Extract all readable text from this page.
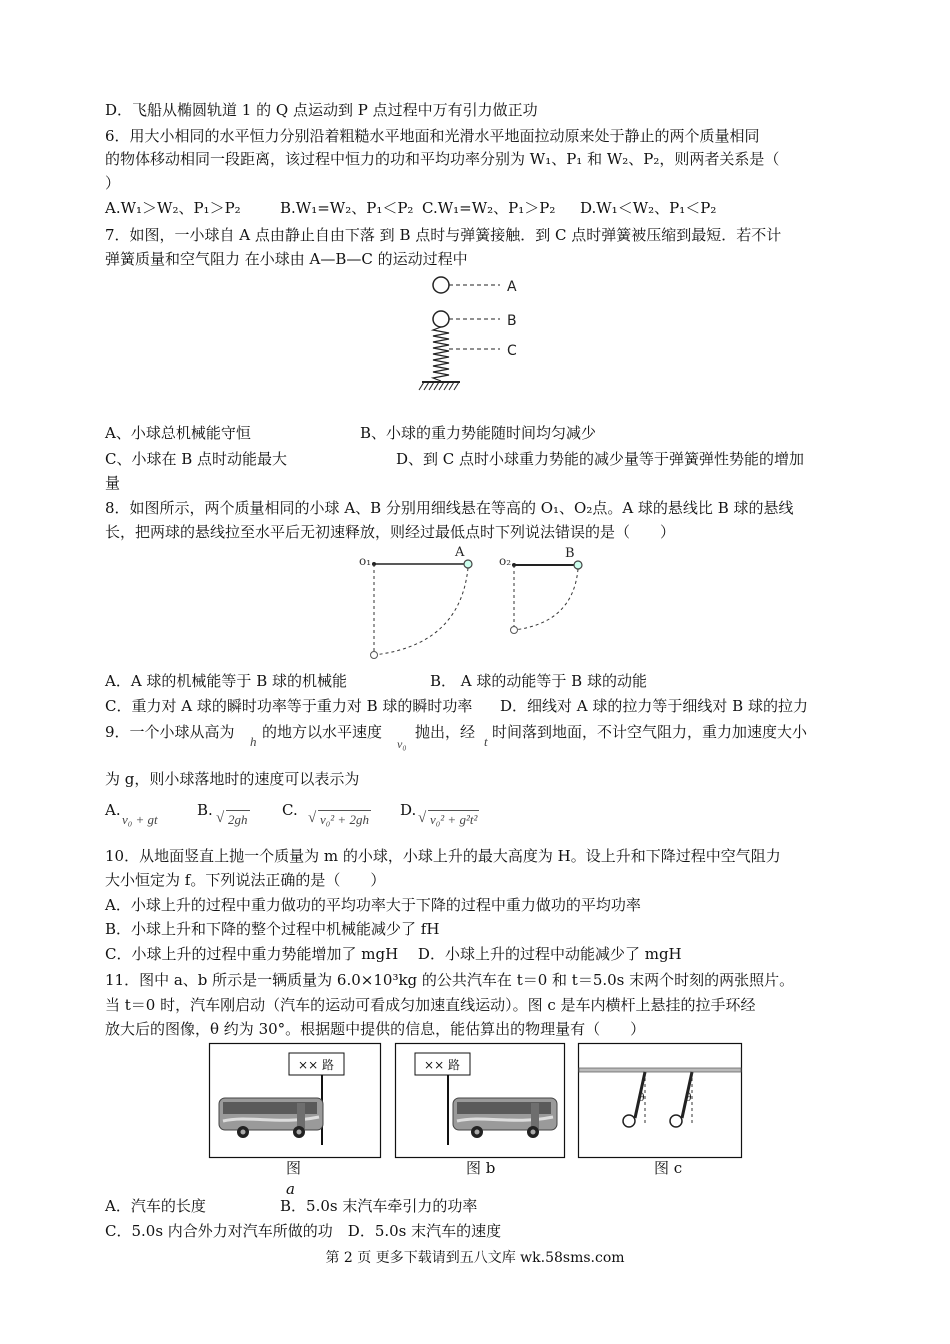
D．飞船从椭圆轨道 1 的 Q 点运动到 P 点过程中万有引力做正功
6．用大小相同的水平恒力分别沿着粗糙水平地面和光滑水平地面拉动原来处于静止的两个质量相同
的物体移动相同一段距离，该过程中恒力的功和平均功率分别为 W₁、P₁ 和 W₂、P₂，则两者关系是（
）
A.W₁＞W₂、P₁＞P₂	B.W₁=W₂、P₁＜P₂ C.W₁=W₂、P₁＞P₂ D.W₁＜W₂、P₁＜P₂
7．如图，一小球自 A 点由静止自由下落 到 B 点时与弹簧接触．到 C 点时弹簧被压缩到最短．若不计
弹簧质量和空气阻力 在小球由 A—B—C 的运动过程中
A
B
C
A、小球总机械能守恒	B、小球的重力势能随时间均匀减少
C、小球在 B 点时动能最大	D、到 C 点时小球重力势能的减少量等于弹簧弹性势能的增加
量
8．如图所示，两个质量相同的小球 A、B 分别用细线悬在等高的 O₁、O₂点。A 球的悬线比 B 球的悬线
长，把两球的悬线拉至水平后无初速释放，则经过最低点时下列说法错误的是（　　）
o₁
A
o₂	B
A．A 球的机械能等于 B 球的机械能	B． A 球的动能等于 B 球的动能
C．重力对 A 球的瞬时功率等于重力对 B 球的瞬时功率 D．细线对 A 球的拉力等于细线对 B 球的拉力
9．一个小球从高为
h
的地方以水平速度
v₀
抛出，经
t
时间落到地面，不计空气阻力，重力加速度大小
为 g，则小球落地时的速度可以表示为
A.
v₀ + gt
B. √ 2gh
C. √ v₀² + 2gh
D. √ v₀² + g²t²
10．从地面竖直上抛一个质量为 m 的小球，小球上升的最大高度为 H。设上升和下降过程中空气阻力
大小恒定为 f。下列说法正确的是（　　）
A．小球上升的过程中重力做功的平均功率大于下降的过程中重力做功的平均功率
B．小球上升和下降的整个过程中机械能减少了 fH
C．小球上升的过程中重力势能增加了 mgH　 D．小球上升的过程中动能减少了 mgH
11．图中 a、b 所示是一辆质量为 6.0×10³kg 的公共汽车在 t＝0 和 t＝5.0s 末两个时刻的两张照片。
当 t＝0 时，汽车刚启动（汽车的运动可看成匀加速直线运动）。图 c 是车内横杆上悬挂的拉手环经
放大后的图像，θ 约为 30°。根据题中提供的信息，能估算出的物理量有（　　）
×× 路
图
a
×× 路
图 b
θ	θ
图 c
A．汽车的长度	B．5.0s 末汽车牵引力的功率
C．5.0s 内合外力对汽车所做的功　D．5.0s 末汽车的速度
第 2 页 更多下载请到五八文库 wk.58sms.com
